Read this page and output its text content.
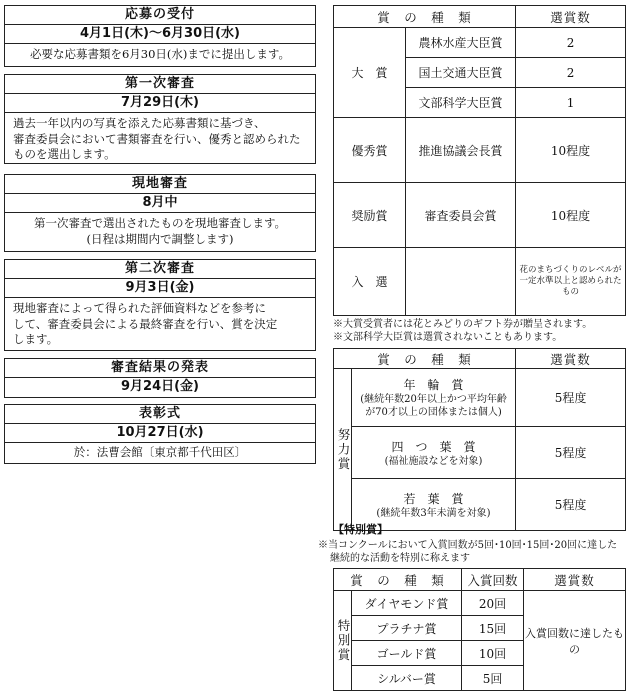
応募の受付
4月1日(木)〜6月30日(水)
必要な応募書類を6月30日(水)までに提出します。
第一次審査
7月29日(木)
過去一年以内の写真を添えた応募書類に基づき、
審査委員会において書類審査を行い、優秀と認められた
ものを選出します。
現地審査
8月中
第一次審査で選出されたものを現地審査します。
(日程は期間内で調整します)
第二次審査
9月3日(金)
現地審査によって得られた評価資料などを参考に
して、審査委員会による最終審査を行い、賞を決定
します。
審査結果の発表
9月24日(金)
表彰式
10月27日(水)
於：法曹会館〔東京都千代田区〕
賞　の　種　類		選賞数
大　賞	農林水産大臣賞	2
	国土交通大臣賞	2
	文部科学大臣賞	1
優秀賞	推進協議会長賞	10程度
奨励賞	審査委員会賞	10程度
入　選		花のまちづくりのレベルが
一定水準以上と認められたもの
※大賞受賞者には花とみどりのギフト券が贈呈されます。
※文部科学大臣賞は選賞されないこともあります。
賞　の　種　類		選賞数

努力賞	年　輪　賞
(継続年数20年以上かつ平均年齢
が70才以上の団体または個人)	5程度

	四　つ　葉　賞
(福祉施設などを対象)	5程度

	若　葉　賞
(継続年数3年未満を対象)	5程度
【特別賞】
※当コンクールにおいて入賞回数が5回･10回･15回･20回に達した
継続的な活動を特別に称えます
賞　の　種　類		入賞回数	選賞数

特別賞	ダイヤモンド賞	20回	入賞回数に達したもの
	プラチナ賞	15回	
	ゴールド賞	10回	
	シルバー賞	5回	
